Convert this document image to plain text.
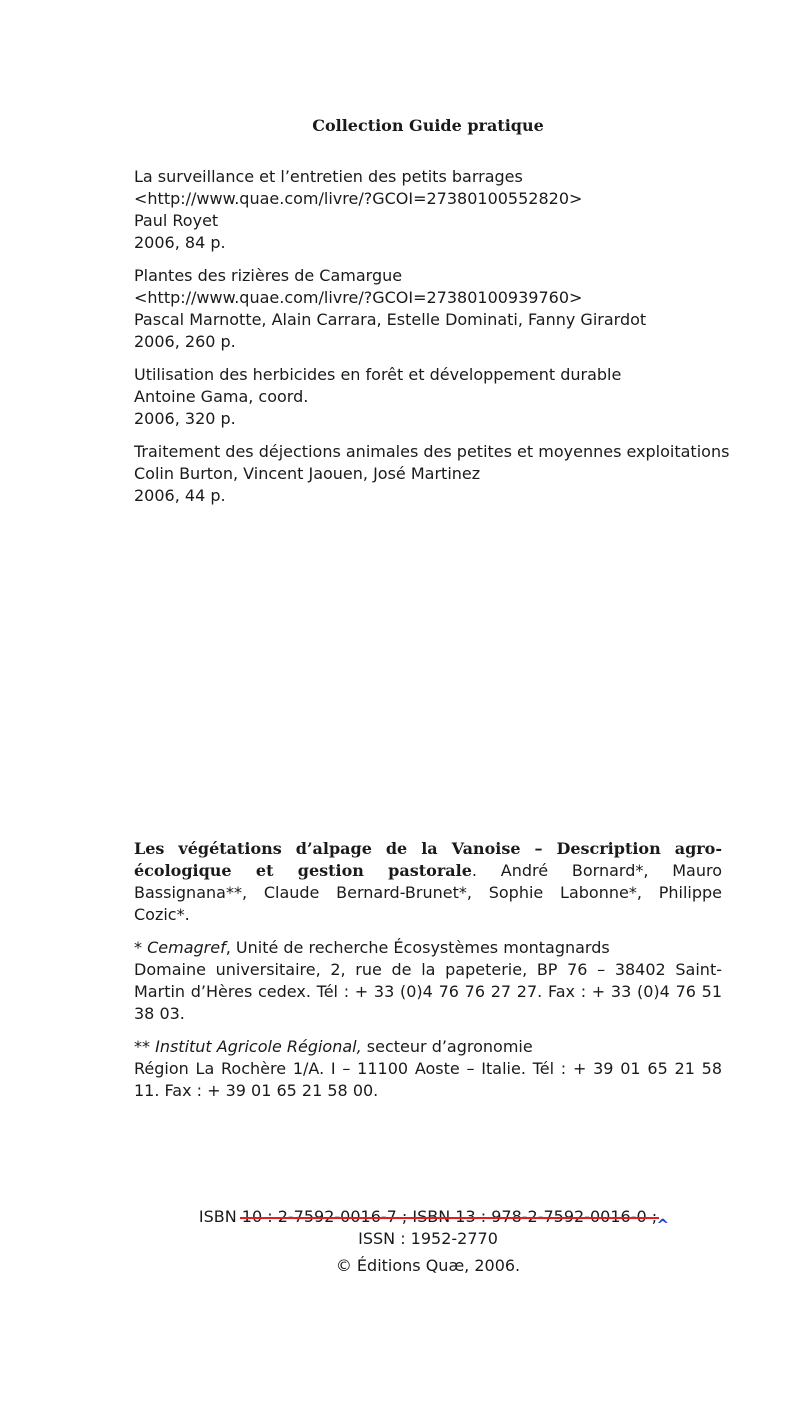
Collection Guide pratique
La surveillance et l’entretien des petits barrages
<http://www.quae.com/livre/?GCOI=27380100552820>
Paul Royet
2006, 84 p.
Plantes des rizières de Camargue
<http://www.quae.com/livre/?GCOI=27380100939760>
Pascal Marnotte, Alain Carrara, Estelle Dominati, Fanny Girardot
2006, 260 p.
Utilisation des herbicides en forêt et développement durable
Antoine Gama, coord.
2006, 320 p.
Traitement des déjections animales des petites et moyennes exploitations
Colin Burton, Vincent Jaouen, José Martinez
2006, 44 p.

Les végétations d’alpage de la Vanoise – Description agro-écologique et gestion pastorale. André Bornard*, Mauro Bassignana**, Claude Bernard-Brunet*, Sophie Labonne*, Philippe Cozic*.

* Cemagref, Unité de recherche Écosystèmes montagnards
Domaine universitaire, 2, rue de la papeterie, BP 76 – 38402 Saint-Martin d’Hères cedex. Tél : + 33 (0)4 76 76 27 27. Fax : + 33 (0)4 76 51 38 03.

** Institut Agricole Régional, secteur d’agronomie
Région La Rochère 1/A. I – 11100 Aoste – Italie. Tél : + 39 01 65 21 58 11. Fax : + 39 01 65 21 58 00.

ISBN 10 : 2-7592-0016-7 ; ISBN 13 : 978-2-7592-0016-0 ; ^
ISSN : 1952-2770
© Éditions Quæ, 2006.
